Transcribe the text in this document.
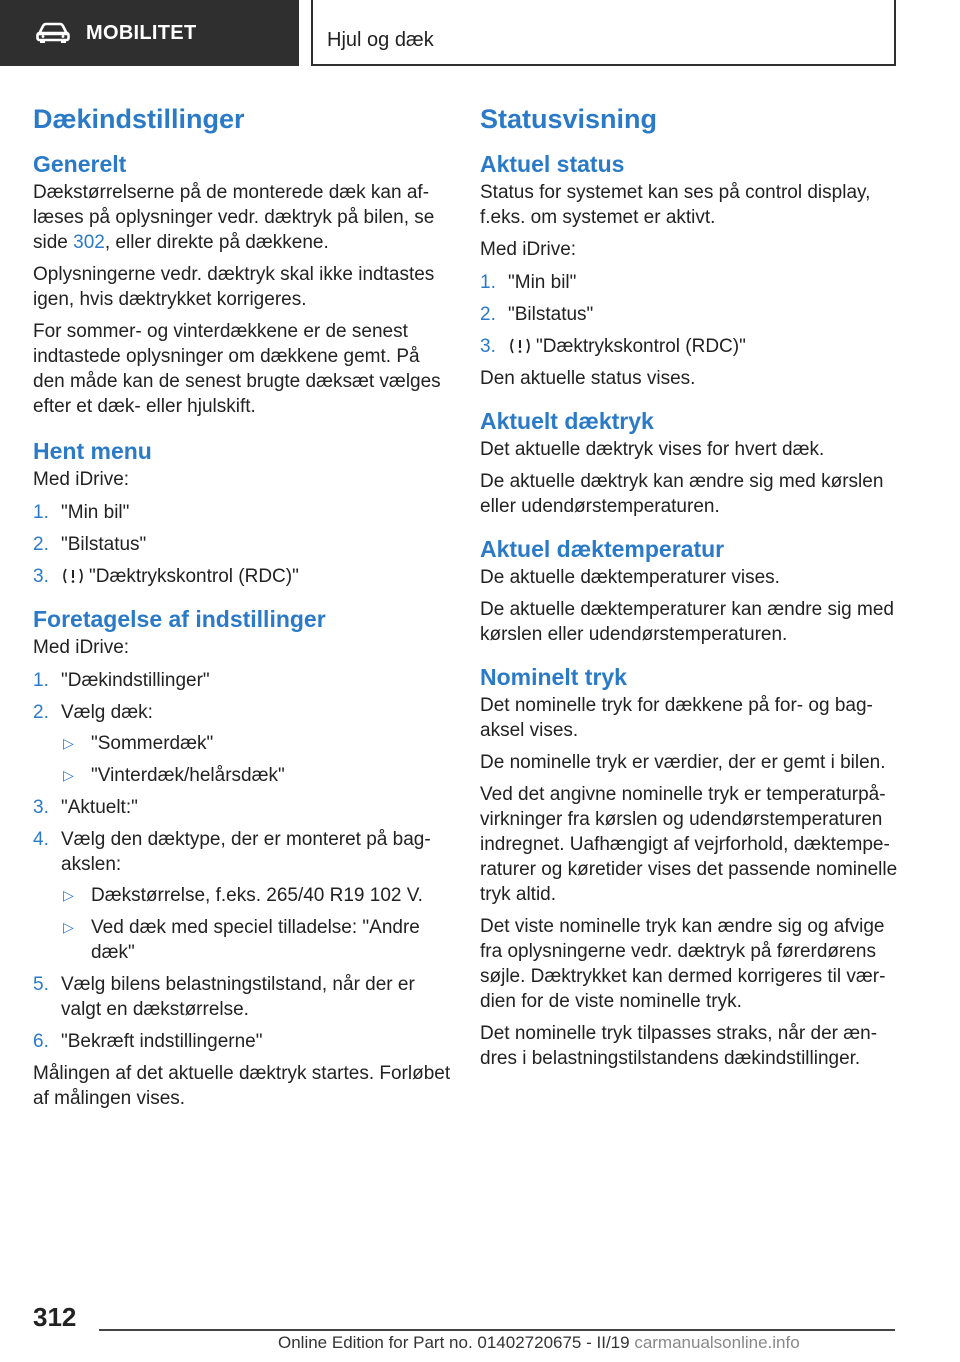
MOBILITET	Hjul og dæk
Dækindstillinger
Generelt

Dækstørrelserne på de monterede dæk kan aflæses på oplysninger vedr. dæktryk på bilen, se side 302, eller direkte på dækkene.

Oplysningerne vedr. dæktryk skal ikke indtastes igen, hvis dæktrykket korrigeres.

For sommer- og vinterdækkene er de senest indtastede oplysninger om dækkene gemt. På den måde kan de senest brugte dæksæt vælges efter et dæk- eller hjulskift.

Hent menu

Med iDrive:

1. "Min bil"
2. "Bilstatus"
3. "Dæktrykskontrol (RDC)"
Foretagelse af indstillinger

Med iDrive:

1. "Dækindstillinger"
2. Vælg dæk:
▷ "Sommerdæk"
▷ "Vinterdæk/helårsdæk"
3. "Aktuelt:"
4. Vælg den dæktype, der er monteret på bagakslen:
▷ Dækstørrelse, f.eks. 265/40 R19 102 V.
▷ Ved dæk med speciel tilladelse: "Andre dæk"
5. Vælg bilens belastningstilstand, når der er valgt en dækstørrelse.
6. "Bekræft indstillingerne"

Målingen af det aktuelle dæktryk startes. Forløbet af målingen vises.

Statusvisning
Aktuel status

Status for systemet kan ses på control display, f.eks. om systemet er aktivt.

Med iDrive:

1. "Min bil"
2. "Bilstatus"
3. "Dæktrykskontrol (RDC)"

Den aktuelle status vises.

Aktuelt dæktryk

Det aktuelle dæktryk vises for hvert dæk.

De aktuelle dæktryk kan ændre sig med kørslen eller udendørstemperaturen.

Aktuel dæktemperatur

De aktuelle dæktemperaturer vises.

De aktuelle dæktemperaturer kan ændre sig med kørslen eller udendørstemperaturen.

Nominelt tryk

Det nominelle tryk for dækkene på for- og bagaksel vises.

De nominelle tryk er værdier, der er gemt i bilen.

Ved det angivne nominelle tryk er temperaturpåvirkninger fra kørslen og udendørstemperaturen indregnet. Uafhængigt af vejrforhold, dæktemperaturer og køretider vises det passende nominelle tryk altid.

Det viste nominelle tryk kan ændre sig og afvige fra oplysningerne vedr. dæktryk på førerdørens søjle. Dæktrykket kan dermed korrigeres til værdien for de viste nominelle tryk.

Det nominelle tryk tilpasses straks, når der ændres i belastningstilstandens dækindstillinger.

312
Online Edition for Part no. 01402720675 - II/19 carmanualsonline.info
